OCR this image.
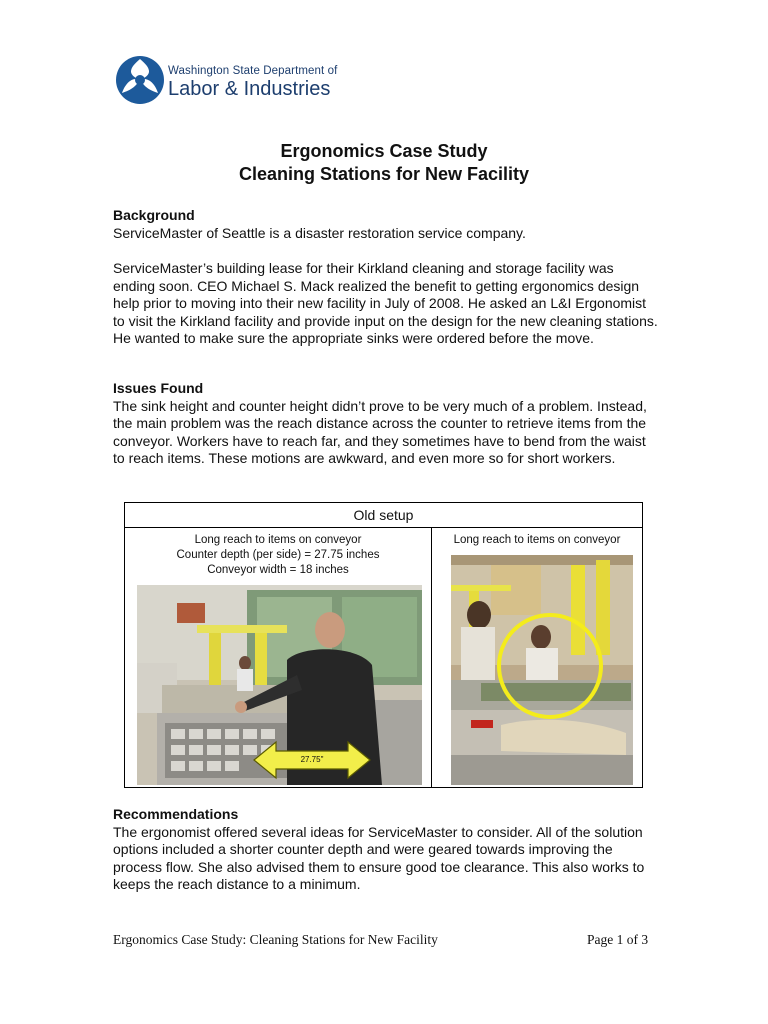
Washington State Department of
Labor & Industries
Ergonomics Case Study
Cleaning Stations for New Facility
Background
ServiceMaster of Seattle is a disaster restoration service company.
ServiceMaster’s building lease for their Kirkland cleaning and storage facility was ending soon. CEO Michael S. Mack realized the benefit to getting ergonomics design help prior to moving into their new facility in July of 2008. He asked an L&I Ergonomist to visit the Kirkland facility and provide input on the design for the new cleaning stations. He wanted to make sure the appropriate sinks were ordered before the move.
Issues Found
The sink height and counter height didn’t prove to be very much of a problem. Instead, the main problem was the reach distance across the counter to retrieve items from the conveyor. Workers have to reach far, and they sometimes have to bend from the waist to reach items. These motions are awkward, and even more so for short workers.
Old setup
Long reach to items on conveyor
Counter depth (per side) = 27.75 inches
Conveyor width = 18 inches
Long reach to items on conveyor
27.75"
Recommendations
The ergonomist offered several ideas for ServiceMaster to consider. All of the solution options included a shorter counter depth and were geared towards improving the process flow. She also advised them to ensure good toe clearance. This also works to keeps the reach distance to a minimum.
Ergonomics Case Study: Cleaning Stations for New Facility	Page 1 of 3
